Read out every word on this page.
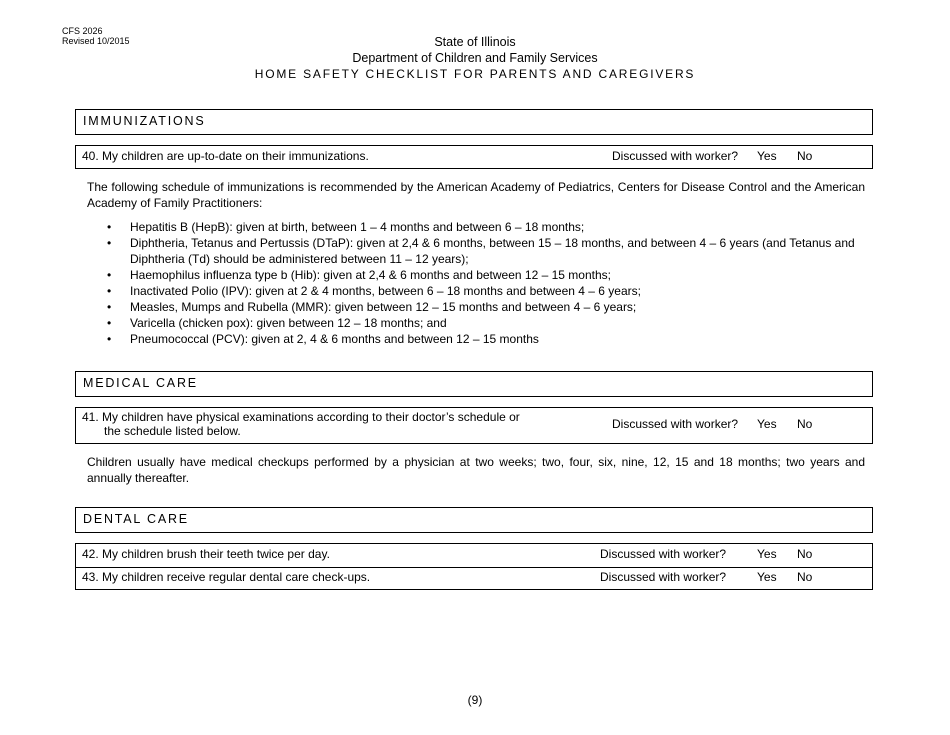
CFS 2026
Revised 10/2015	State of Illinois
Department of Children and Family Services
HOME SAFETY CHECKLIST FOR PARENTS AND CAREGIVERS
IMMUNIZATIONS
40. My children are up-to-date on their immunizations.	Discussed with worker? Yes No
The following schedule of immunizations is recommended by the American Academy of Pediatrics, Centers for Disease Control and the American Academy of Family Practitioners:
• Hepatitis B (HepB): given at birth, between 1 – 4 months and between 6 – 18 months;
• Diphtheria, Tetanus and Pertussis (DTaP): given at 2,4 & 6 months, between 15 – 18 months, and between 4 – 6 years (and Tetanus and Diphtheria (Td) should be administered between 11 – 12 years);
• Haemophilus influenza type b (Hib): given at 2,4 & 6 months and between 12 – 15 months;
• Inactivated Polio (IPV): given at 2 & 4 months, between 6 – 18 months and between 4 – 6 years;
• Measles, Mumps and Rubella (MMR): given between 12 – 15 months and between 4 – 6 years;
• Varicella (chicken pox): given between 12 – 18 months; and
• Pneumococcal (PCV): given at 2, 4 & 6 months and between 12 – 15 months
MEDICAL CARE
41. My children have physical examinations according to their doctor’s schedule or
the schedule listed below.	Discussed with worker? Yes No
Children usually have medical checkups performed by a physician at two weeks; two, four, six, nine, 12, 15 and 18 months; two years and annually thereafter.
DENTAL CARE
42. My children brush their teeth twice per day.	Discussed with worker?	Yes No
43. My children receive regular dental care check-ups.	Discussed with worker?	Yes No
(9)
